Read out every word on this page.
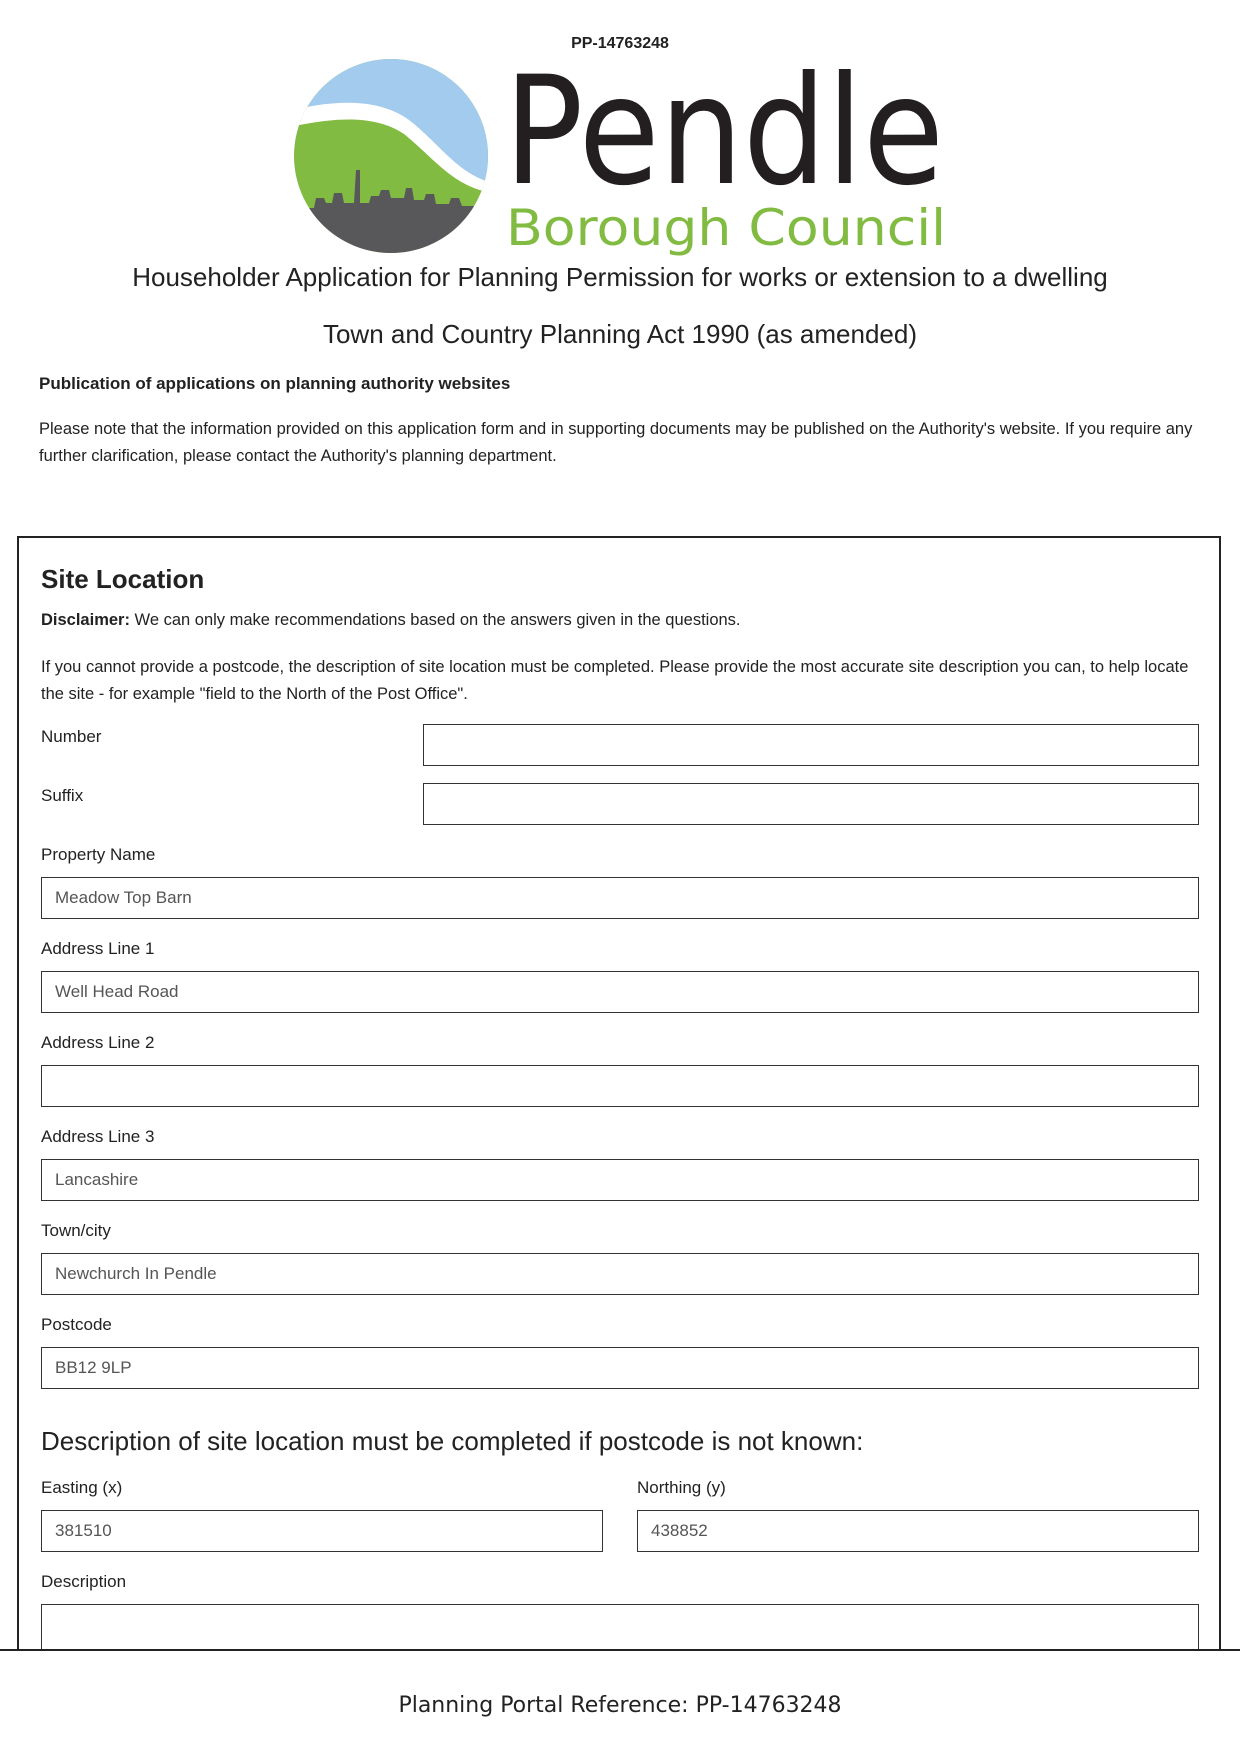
PP-14763248
Pendle
Borough Council
Householder Application for Planning Permission for works or extension to a dwelling
Town and Country Planning Act 1990 (as amended)
Publication of applications on planning authority websites
Please note that the information provided on this application form and in supporting documents may be published on the Authority's website. If you require any further clarification, please contact the Authority's planning department.
Site Location
Disclaimer: We can only make recommendations based on the answers given in the questions.
If you cannot provide a postcode, the description of site location must be completed. Please provide the most accurate site description you can, to help locate the site - for example "field to the North of the Post Office".
Number
Suffix
Property Name
Meadow Top Barn
Address Line 1
Well Head Road
Address Line 2
Address Line 3
Lancashire
Town/city
Newchurch In Pendle
Postcode
BB12 9LP
Description of site location must be completed if postcode is not known:
Easting (x)
381510
Northing (y)
438852
Description
Planning Portal Reference: PP-14763248
